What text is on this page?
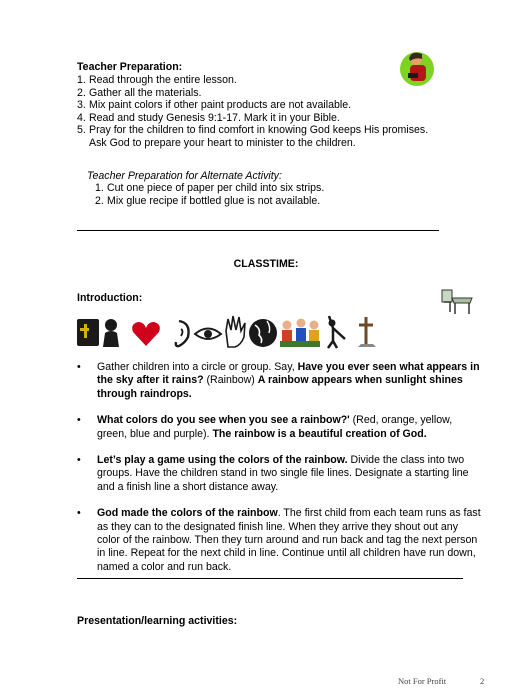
Teacher Preparation:
1. Read through the entire lesson.
2. Gather all the materials.
3. Mix paint colors if other paint products are not available.
4. Read and study Genesis 9:1-17. Mark it in your Bible.
5. Pray for the children to find comfort in knowing God keeps His promises.
Ask God to prepare your heart to minister to the children.
Teacher Preparation for Alternate Activity:
1. Cut one piece of paper per child into six strips.
2. Mix glue recipe if bottled glue is not available.
CLASSTIME:
Introduction:
• Gather children into a circle or group. Say, Have you ever seen what appears in the sky after it rains? (Rainbow) A rainbow appears when sunlight shines through raindrops.
• What colors do you see when you see a rainbow?' (Red, orange, yellow, green, blue and purple). The rainbow is a beautiful creation of God.
• Let’s play a game using the colors of the rainbow. Divide the class into two groups. Have the children stand in two single file lines. Designate a starting line and a finish line a short distance away.
• God made the colors of the rainbow. The first child from each team runs as fast as they can to the designated finish line. When they arrive they shout out any color of the rainbow. Then they turn around and run back and tag the next person in line. Repeat for the next child in line. Continue until all children have run down, named a color and run back.
Presentation/learning activities:
Not For Profit	2
